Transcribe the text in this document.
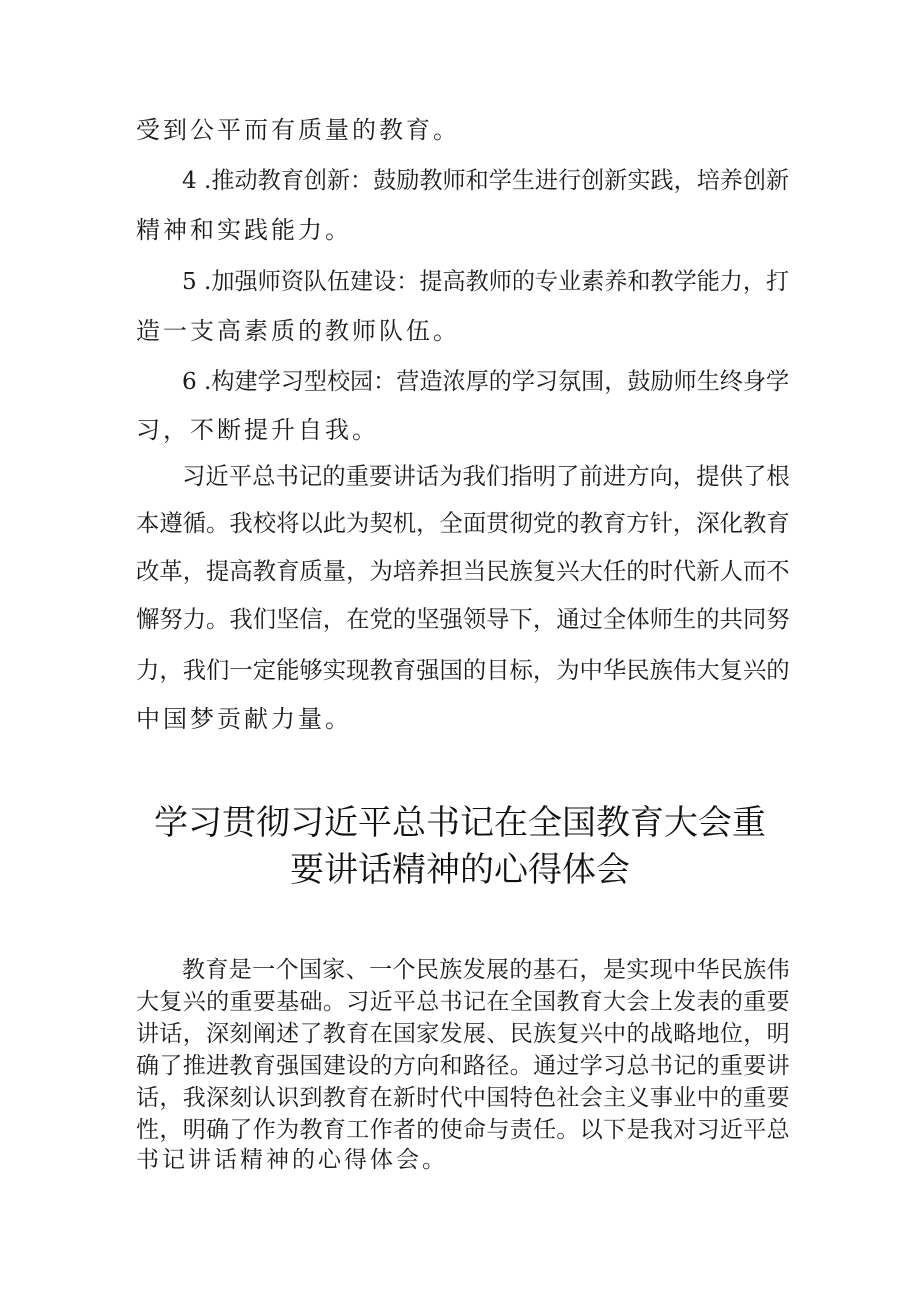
受到公平而有质量的教育。
4 .推动教育创新：鼓励教师和学生进行创新实践，培养创新
精神和实践能力。
5 .加强师资队伍建设：提高教师的专业素养和教学能力，打
造一支高素质的教师队伍。
6 .构建学习型校园：营造浓厚的学习氛围，鼓励师生终身学
习，不断提升自我。
习近平总书记的重要讲话为我们指明了前进方向，提供了根
本遵循。我校将以此为契机，全面贯彻党的教育方针，深化教育
改革，提高教育质量，为培养担当民族复兴大任的时代新人而不
懈努力。我们坚信，在党的坚强领导下，通过全体师生的共同努
力，我们一定能够实现教育强国的目标，为中华民族伟大复兴的
中国梦贡献力量。
学习贯彻习近平总书记在全国教育大会重
要讲话精神的心得体会
教育是一个国家、一个民族发展的基石，是实现中华民族伟
大复兴的重要基础。习近平总书记在全国教育大会上发表的重要
讲话，深刻阐述了教育在国家发展、民族复兴中的战略地位，明
确了推进教育强国建设的方向和路径。通过学习总书记的重要讲
话，我深刻认识到教育在新时代中国特色社会主义事业中的重要
性，明确了作为教育工作者的使命与责任。以下是我对习近平总
书记讲话精神的心得体会。
